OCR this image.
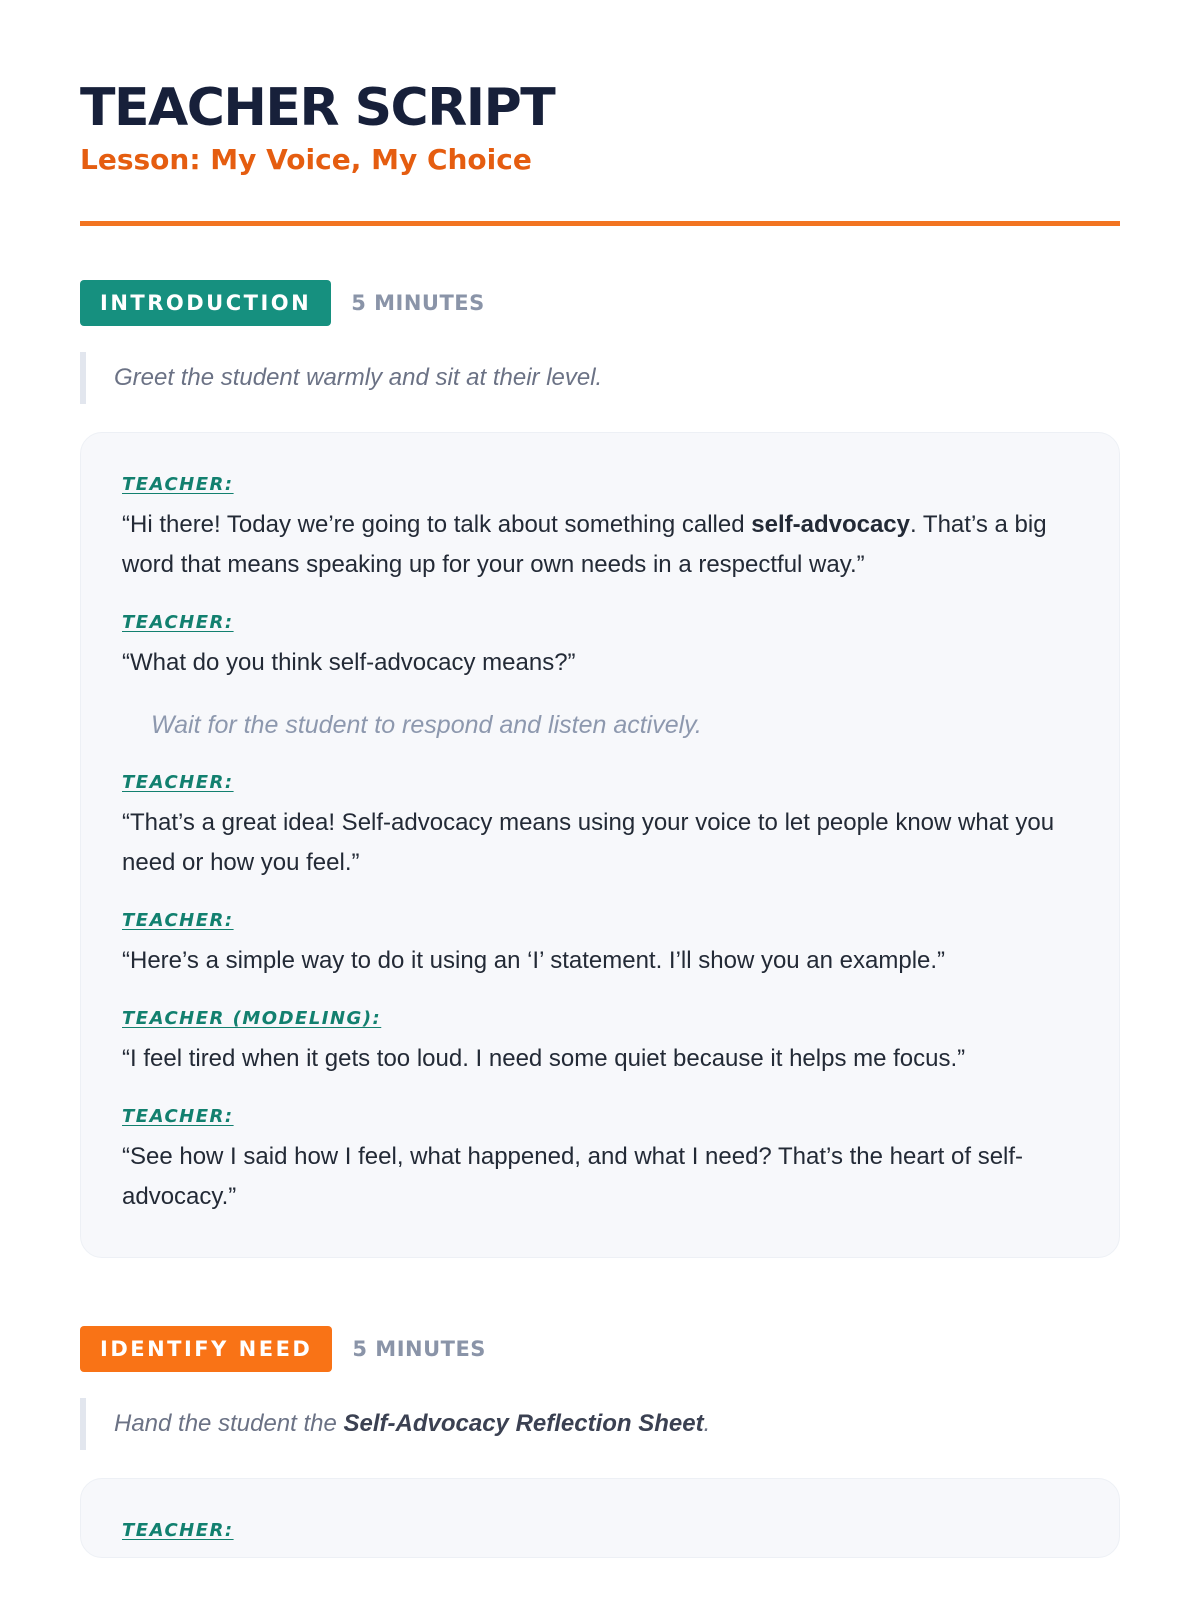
TEACHER SCRIPT
Lesson: My Voice, My Choice
INTRODUCTION	5 MINUTES
Greet the student warmly and sit at their level.
TEACHER:
“Hi there! Today we’re going to talk about something called self-advocacy. That’s a big word that means speaking up for your own needs in a respectful way.”
TEACHER:
“What do you think self-advocacy means?”
Wait for the student to respond and listen actively.
TEACHER:
“That’s a great idea! Self-advocacy means using your voice to let people know what you need or how you feel.”
TEACHER:
“Here’s a simple way to do it using an ‘I’ statement. I’ll show you an example.”
TEACHER (MODELING):
“I feel tired when it gets too loud. I need some quiet because it helps me focus.”
TEACHER:
“See how I said how I feel, what happened, and what I need? That’s the heart of self-advocacy.”
IDENTIFY NEED	5 MINUTES
Hand the student the Self-Advocacy Reflection Sheet.
TEACHER:
